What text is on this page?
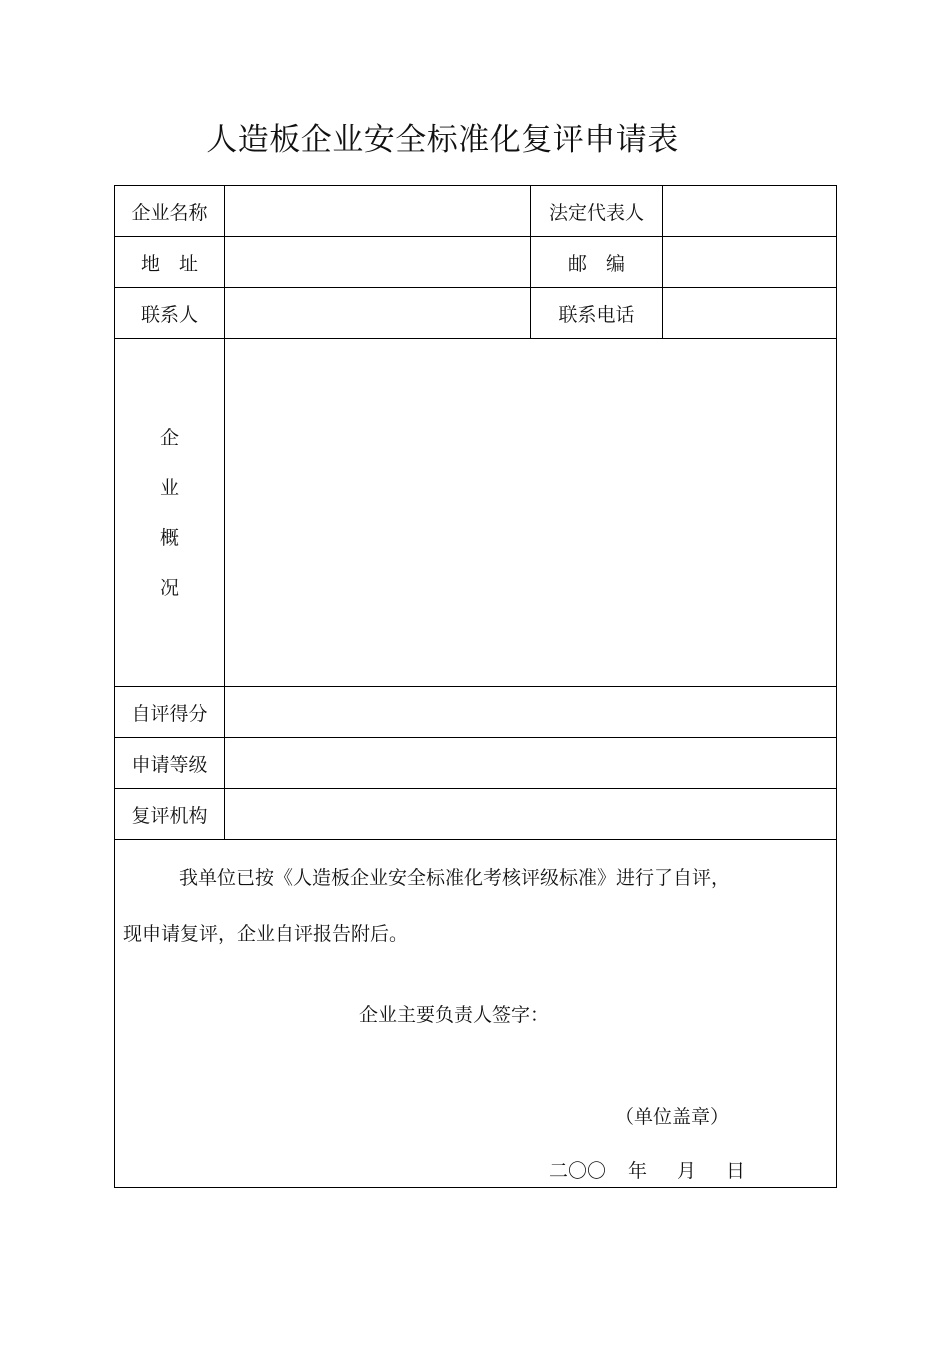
人造板企业安全标准化复评申请表
企业名称		法定代表人	
地　址		邮　编	
联系人		联系电话	

企
业
概
况			

自评得分			
申请等级			
复评机构			

我单位已按《人造板企业安全标准化考核评级标准》进行了自评，
现申请复评，企业自评报告附后。
企业主要负责人签字：
（单位盖章）
二〇〇 年 月 日			
